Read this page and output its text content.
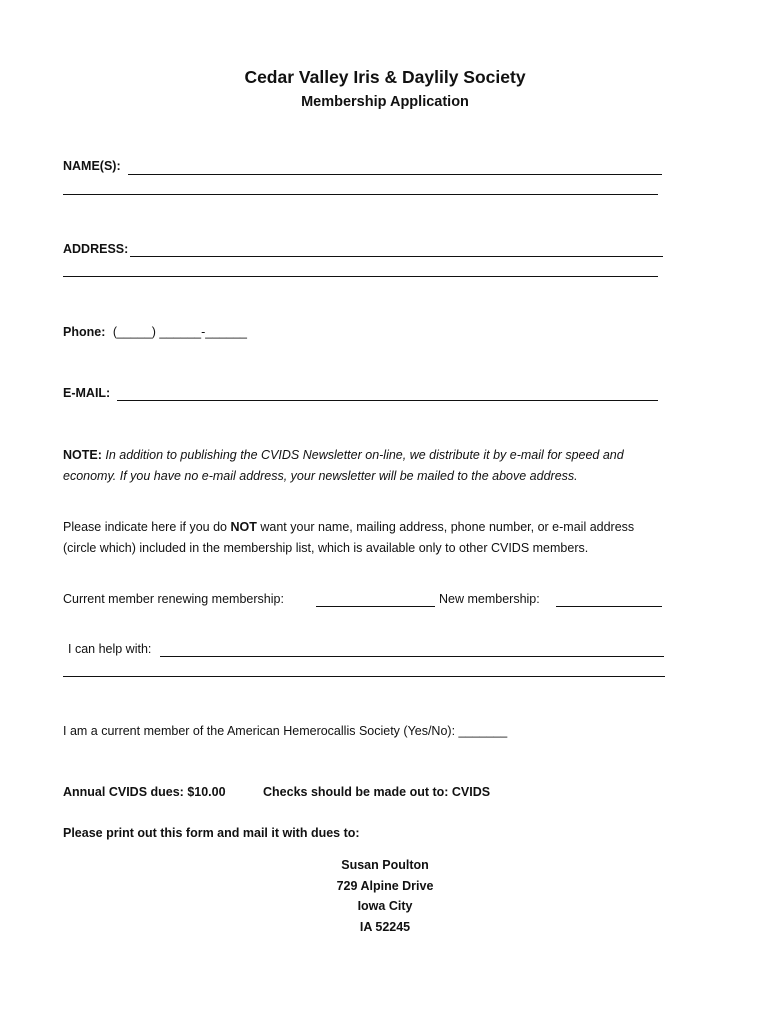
Cedar Valley Iris & Daylily Society
Membership Application
NAME(S):
ADDRESS:
Phone: (_____) ______-______
E-MAIL:
NOTE: In addition to publishing the CVIDS Newsletter on-line, we distribute it by e-mail for speed and
economy. If you have no e-mail address, your newsletter will be mailed to the above address.
Please indicate here if you do NOT want your name, mailing address, phone number, or e-mail address
(circle which) included in the membership list, which is available only to other CVIDS members.
Current member renewing membership:	New membership:
I can help with:
I am a current member of the American Hemerocallis Society (Yes/No): _______
Annual CVIDS dues: $10.00	Checks should be made out to: CVIDS
Please print out this form and mail it with dues to:
Susan Poulton
729 Alpine Drive
Iowa City
IA 52245
